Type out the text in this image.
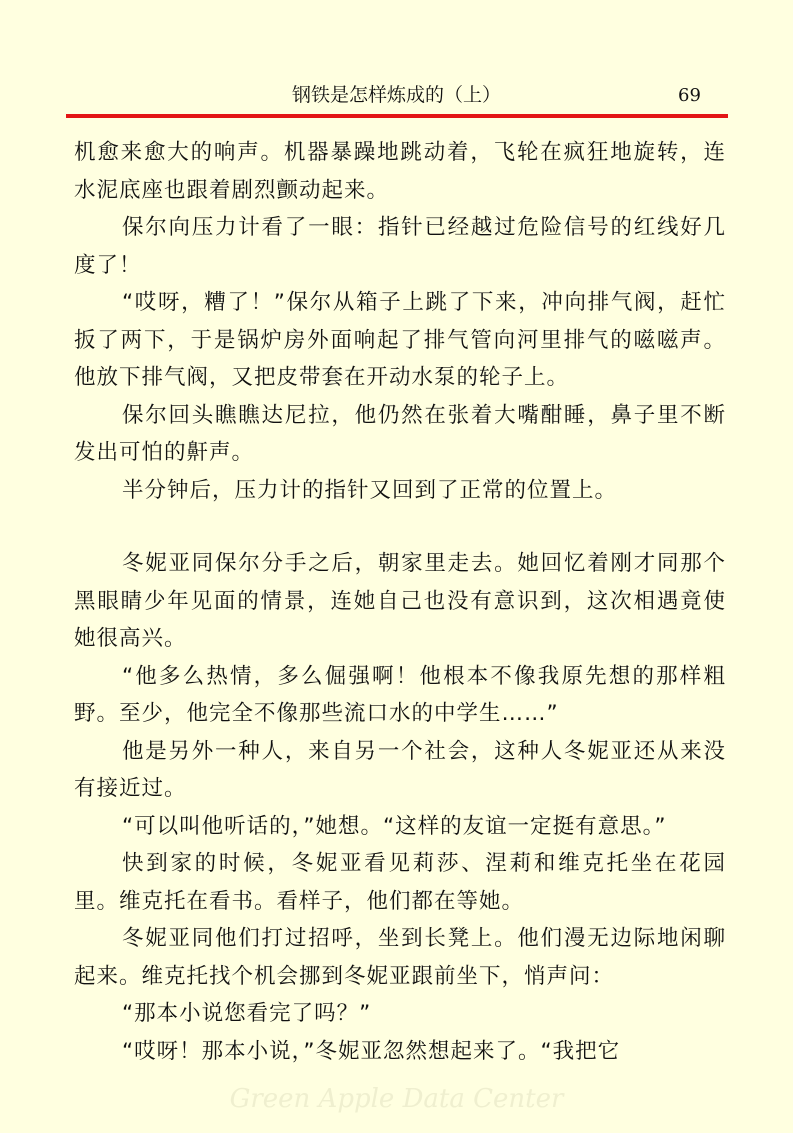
钢铁是怎样炼成的（上）	69

机愈来愈大的响声。机器暴躁地跳动着，飞轮在疯狂地旋转，连水泥底座也跟着剧烈颤动起来。

保尔向压力计看了一眼：指针已经越过危险信号的红线好几度了！

“哎呀，糟了！”保尔从箱子上跳了下来，冲向排气阀，赶忙扳了两下，于是锅炉房外面响起了排气管向河里排气的嗞嗞声。他放下排气阀，又把皮带套在开动水泵的轮子上。

保尔回头瞧瞧达尼拉，他仍然在张着大嘴酣睡，鼻子里不断发出可怕的鼾声。

半分钟后，压力计的指针又回到了正常的位置上。

冬妮亚同保尔分手之后，朝家里走去。她回忆着刚才同那个黑眼睛少年见面的情景，连她自己也没有意识到，这次相遇竟使她很高兴。

“他多么热情，多么倔强啊！他根本不像我原先想的那样粗野。至少，他完全不像那些流口水的中学生……”

他是另外一种人，来自另一个社会，这种人冬妮亚还从来没有接近过。

“可以叫他听话的，”她想。“这样的友谊一定挺有意思。”

快到家的时候，冬妮亚看见莉莎、涅莉和维克托坐在花园里。维克托在看书。看样子，他们都在等她。

冬妮亚同他们打过招呼，坐到长凳上。他们漫无边际地闲聊起来。维克托找个机会挪到冬妮亚跟前坐下，悄声问：

“那本小说您看完了吗？”

“哎呀！那本小说，”冬妮亚忽然想起来了。“我把它

Green Apple Data Center
